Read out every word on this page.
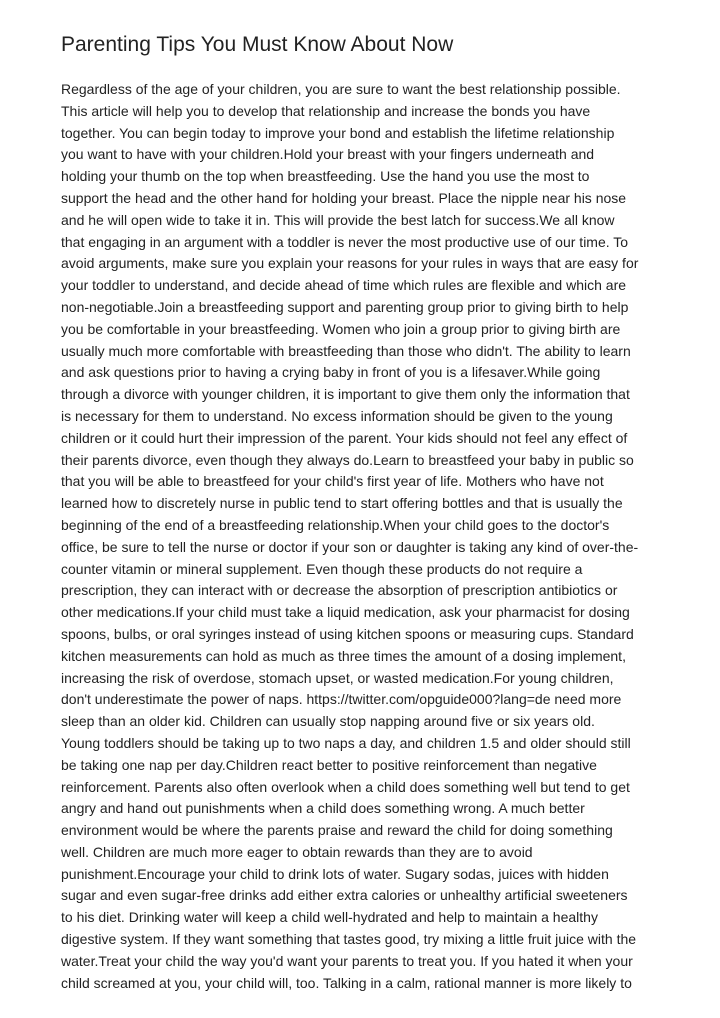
Parenting Tips You Must Know About Now
Regardless of the age of your children, you are sure to want the best relationship possible.
This article will help you to develop that relationship and increase the bonds you have
together. You can begin today to improve your bond and establish the lifetime relationship
you want to have with your children.Hold your breast with your fingers underneath and
holding your thumb on the top when breastfeeding. Use the hand you use the most to
support the head and the other hand for holding your breast. Place the nipple near his nose
and he will open wide to take it in. This will provide the best latch for success.We all know
that engaging in an argument with a toddler is never the most productive use of our time. To
avoid arguments, make sure you explain your reasons for your rules in ways that are easy for
your toddler to understand, and decide ahead of time which rules are flexible and which are
non-negotiable.Join a breastfeeding support and parenting group prior to giving birth to help
you be comfortable in your breastfeeding. Women who join a group prior to giving birth are
usually much more comfortable with breastfeeding than those who didn't. The ability to learn
and ask questions prior to having a crying baby in front of you is a lifesaver.While going
through a divorce with younger children, it is important to give them only the information that
is necessary for them to understand. No excess information should be given to the young
children or it could hurt their impression of the parent. Your kids should not feel any effect of
their parents divorce, even though they always do.Learn to breastfeed your baby in public so
that you will be able to breastfeed for your child's first year of life. Mothers who have not
learned how to discretely nurse in public tend to start offering bottles and that is usually the
beginning of the end of a breastfeeding relationship.When your child goes to the doctor's
office, be sure to tell the nurse or doctor if your son or daughter is taking any kind of over-the-
counter vitamin or mineral supplement. Even though these products do not require a
prescription, they can interact with or decrease the absorption of prescription antibiotics or
other medications.If your child must take a liquid medication, ask your pharmacist for dosing
spoons, bulbs, or oral syringes instead of using kitchen spoons or measuring cups. Standard
kitchen measurements can hold as much as three times the amount of a dosing implement,
increasing the risk of overdose, stomach upset, or wasted medication.For young children,
don't underestimate the power of naps. https://twitter.com/opguide000?lang=de need more
sleep than an older kid. Children can usually stop napping around five or six years old.
Young toddlers should be taking up to two naps a day, and children 1.5 and older should still
be taking one nap per day.Children react better to positive reinforcement than negative
reinforcement. Parents also often overlook when a child does something well but tend to get
angry and hand out punishments when a child does something wrong. A much better
environment would be where the parents praise and reward the child for doing something
well. Children are much more eager to obtain rewards than they are to avoid
punishment.Encourage your child to drink lots of water. Sugary sodas, juices with hidden
sugar and even sugar-free drinks add either extra calories or unhealthy artificial sweeteners
to his diet. Drinking water will keep a child well-hydrated and help to maintain a healthy
digestive system. If they want something that tastes good, try mixing a little fruit juice with the
water.Treat your child the way you'd want your parents to treat you. If you hated it when your
child screamed at you, your child will, too. Talking in a calm, rational manner is more likely to
